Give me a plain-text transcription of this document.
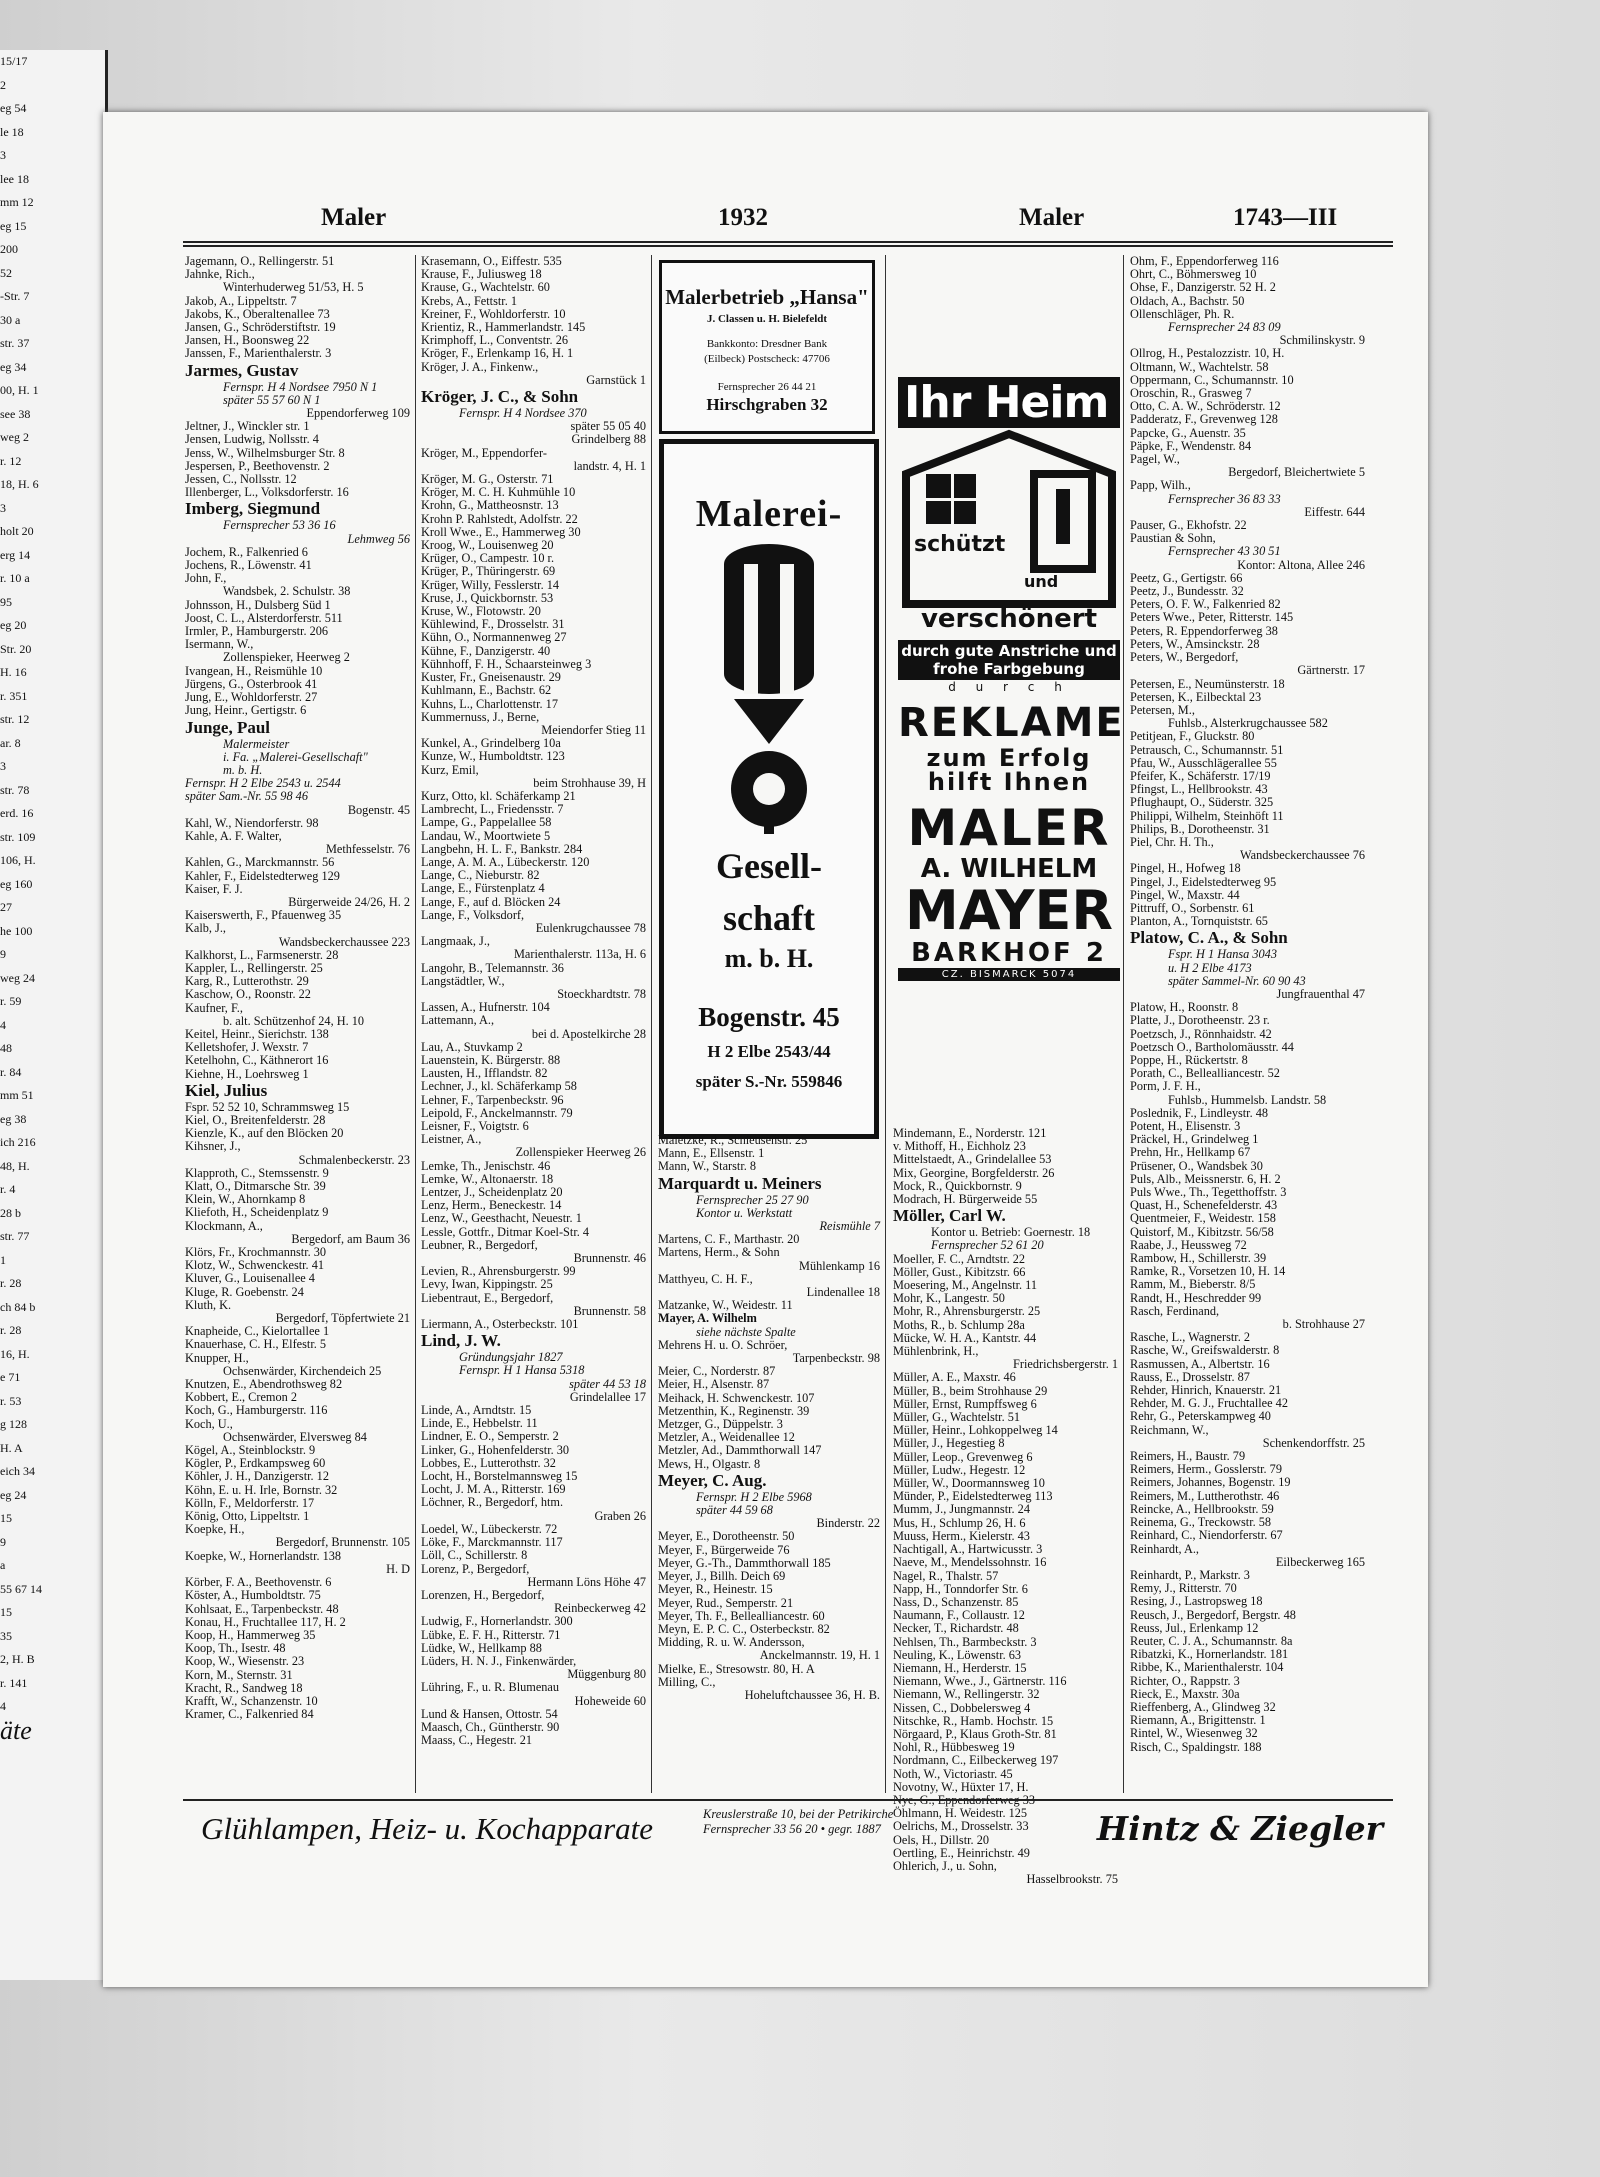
15/17
2
eg 54
le 18
3
lee 18
mm 12
eg 15
200
52
-Str. 7
30 a
str. 37
eg 34
00, H. 1
see 38
weg 2
r. 12
18, H. 6
3
holt 20
erg 14
r. 10 a
95
eg 20
Str. 20
H. 16
r. 351
str. 12
ar. 8
3
str. 78
erd. 16
str. 109
106, H.
eg 160
27
he 100
9
weg 24
r. 59
4
48
r. 84
mm 51
eg 38
ich 216
48, H.
r. 4
28 b
str. 77
1
r. 28
ch 84 b
r. 28
16, H.
e 71
r. 53
g 128
H. A
eich 34
eg 24
15
9
a
55 67 14
15
35
2, H. B
r. 141
4
äte
Maler	1932	Maler	1743—III
Jagemann, O., Rellingerstr. 51
Jahnke, Rich.,
Winterhuderweg 51/53, H. 5
Jakob, A., Lippeltstr. 7
Jakobs, K., Oberaltenallee 73
Jansen, G., Schröderstiftstr. 19
Jansen, H., Boonsweg 22
Janssen, F., Marienthalerstr. 3
Jarmes, Gustav
Fernspr. H 4 Nordsee 7950 N 1
später 55 57 60 N 1
Eppendorferweg 109
Jeltner, J., Winckler str. 1
Jensen, Ludwig, Nollsstr. 4
Jenss, W., Wilhelmsburger Str. 8
Jespersen, P., Beethovenstr. 2
Jessen, C., Nollsstr. 12
Illenberger, L., Volksdorferstr. 16
Imberg, Siegmund
Fernsprecher 53 36 16
Lehmweg 56
Jochem, R., Falkenried 6
Jochens, R., Löwenstr. 41
John, F.,
Wandsbek, 2. Schulstr. 38
Johnsson, H., Dulsberg Süd 1
Joost, C. L., Alsterdorferstr. 511
Irmler, P., Hamburgerstr. 206
Isermann, W.,
Zollenspieker, Heerweg 2
Ivangean, H., Reismühle 10
Jürgens, G., Osterbrook 41
Jung, E., Wohldorferstr. 27
Jung, Heinr., Gertigstr. 6
Junge, Paul
Malermeister
i. Fa. „Malerei-Gesellschaft"
m. b. H.
Fernspr. H 2 Elbe 2543 u. 2544
später Sam.-Nr. 55 98 46
Bogenstr. 45
Kahl, W., Niendorferstr. 98
Kahle, A. F. Walter,
Methfesselstr. 76
Kahlen, G., Marckmannstr. 56
Kahler, F., Eidelstedterweg 129
Kaiser, F. J.
Bürgerweide 24/26, H. 2
Kaiserswerth, F., Pfauenweg 35
Kalb, J.,
Wandsbeckerchaussee 223
Kalkhorst, L., Farmsenerstr. 28
Kappler, L., Rellingerstr. 25
Karg, R., Lutterothstr. 29
Kaschow, O., Roonstr. 22
Kaufner, F.,
b. alt. Schützenhof 24, H. 10
Keitel, Heinr., Sierichstr. 138
Kelletshofer, J. Wexstr. 7
Ketelhohn, C., Käthnerort 16
Kiehne, H., Loehrsweg 1
Kiel, Julius
Fspr. 52 52 10, Schrammsweg 15
Kiel, O., Breitenfelderstr. 28
Kienzle, K., auf den Blöcken 20
Kihsner, J.,
Schmalenbeckerstr. 23
Klapproth, C., Stemssenstr. 9
Klatt, O., Ditmarsche Str. 39
Klein, W., Ahornkamp 8
Kliefoth, H., Scheidenplatz 9
Klockmann, A.,
Bergedorf, am Baum 36
Klörs, Fr., Krochmannstr. 30
Klotz, W., Schwenckestr. 41
Kluver, G., Louisenallee 4
Kluge, R. Goebenstr. 24
Kluth, K.
Bergedorf, Töpfertwiete 21
Knapheide, C., Kielortallee 1
Knauerhase, C. H., Elfestr. 5
Knupper, H.,
Ochsenwärder, Kirchendeich 25
Knutzen, E., Abendrothsweg 82
Kobbert, E., Cremon 2
Koch, G., Hamburgerstr. 116
Koch, U.,
Ochsenwärder, Elversweg 84
Kögel, A., Steinblockstr. 9
Kögler, P., Erdkampsweg 60
Köhler, J. H., Danzigerstr. 12
Köhn, E. u. H. Irle, Bornstr. 32
Kölln, F., Meldorferstr. 17
König, Otto, Lippeltstr. 1
Koepke, H.,
Bergedorf, Brunnenstr. 105
Koepke, W., Hornerlandstr. 138
H. D
Körber, F. A., Beethovenstr. 6
Köster, A., Humboldtstr. 75
Kohlsaat, E., Tarpenbeckstr. 48
Konau, H., Fruchtallee 117, H. 2
Koop, H., Hammerweg 35
Koop, Th., Isestr. 48
Koop, W., Wiesenstr. 23
Korn, M., Sternstr. 31
Kracht, R., Sandweg 18
Krafft, W., Schanzenstr. 10
Kramer, C., Falkenried 84
Krasemann, O., Eiffestr. 535
Krause, F., Juliusweg 18
Krause, G., Wachtelstr. 60
Krebs, A., Fettstr. 1
Kreiner, F., Wohldorferstr. 10
Krientiz, R., Hammerlandstr. 145
Krimphoff, L., Conventstr. 26
Kröger, F., Erlenkamp 16, H. 1
Kröger, J. A., Finkenw.,
Garnstück 1
Kröger, J. C., & Sohn
Fernspr. H 4 Nordsee 370
später 55 05 40
Grindelberg 88
Kröger, M., Eppendorfer-
landstr. 4, H. 1
Kröger, M. G., Osterstr. 71
Kröger, M. C. H. Kuhmühle 10
Krohn, G., Mattheosnstr. 13
Krohn P. Rahlstedt, Adolfstr. 22
Kroll Wwe., E., Hammerweg 30
Kroog, W., Louisenweg 20
Krüger, O., Campestr. 10 r.
Krüger, P., Thüringerstr. 69
Krüger, Willy, Fesslerstr. 14
Kruse, J., Quickbornstr. 53
Kruse, W., Flotowstr. 20
Kühlewind, F., Drosselstr. 31
Kühn, O., Normannenweg 27
Kühne, F., Danzigerstr. 40
Kühnhoff, F. H., Schaarsteinweg 3
Kuster, Fr., Gneisenaustr. 29
Kuhlmann, E., Bachstr. 62
Kuhns, L., Charlottenstr. 17
Kummernuss, J., Berne,
Meiendorfer Stieg 11
Kunkel, A., Grindelberg 10a
Kunze, W., Humboldtstr. 123
Kurz, Emil,
beim Strohhause 39, H
Kurz, Otto, kl. Schäferkamp 21
Lambrecht, L., Friedensstr. 7
Lampe, G., Pappelallee 58
Landau, W., Moortwiete 5
Langbehn, H. L. F., Bankstr. 284
Lange, A. M. A., Lübeckerstr. 120
Lange, C., Nieburstr. 82
Lange, E., Fürstenplatz 4
Lange, F., auf d. Blöcken 24
Lange, F., Volksdorf,
Eulenkrugchaussee 78
Langmaak, J.,
Marienthalerstr. 113a, H. 6
Langohr, B., Telemannstr. 36
Langstädtler, W.,
Stoeckhardtstr. 78
Lassen, A., Hufnerstr. 104
Lattemann, A.,
bei d. Apostelkirche 28
Lau, A., Stuvkamp 2
Lauenstein, K. Bürgerstr. 88
Lausten, H., Ifflandstr. 82
Lechner, J., kl. Schäferkamp 58
Lehner, F., Tarpenbeckstr. 96
Leipold, F., Anckelmannstr. 79
Leisner, F., Voigtstr. 6
Leistner, A.,
Zollenspieker Heerweg 26
Lemke, Th., Jenischstr. 46
Lemke, W., Altonaerstr. 18
Lentzer, J., Scheidenplatz 20
Lenz, Herm., Beneckestr. 14
Lenz, W., Geesthacht, Neuestr. 1
Lessle, Gottfr., Ditmar Koel-Str. 4
Leubner, R., Bergedorf,
Brunnenstr. 46
Levien, R., Ahrensburgerstr. 99
Levy, Iwan, Kippingstr. 25
Liebentraut, E., Bergedorf,
Brunnenstr. 58
Liermann, A., Osterbeckstr. 101
Lind, J. W.
Gründungsjahr 1827
Fernspr. H 1 Hansa 5318
später 44 53 18
Grindelallee 17
Linde, A., Arndtstr. 15
Linde, E., Hebbelstr. 11
Lindner, E. O., Semperstr. 2
Linker, G., Hohenfelderstr. 30
Lobbes, E., Lutterothstr. 32
Locht, H., Borstelmannsweg 15
Locht, J. M. A., Ritterstr. 169
Löchner, R., Bergedorf, htm.
Graben 26
Loedel, W., Lübeckerstr. 72
Löke, F., Marckmannstr. 117
Löll, C., Schillerstr. 8
Lorenz, P., Bergedorf,
Hermann Löns Höhe 47
Lorenzen, H., Bergedorf,
Reinbeckerweg 42
Ludwig, F., Hornerlandstr. 300
Lübke, E. F. H., Ritterstr. 71
Lüdke, W., Hellkamp 88
Lüders, H. N. J., Finkenwärder,
Müggenburg 80
Lühring, F., u. R. Blumenau
Hoheweide 60
Lund & Hansen, Ottostr. 54
Maasch, Ch., Güntherstr. 90
Maass, C., Hegestr. 21
Malerbetrieb „Hansa"
J. Classen u. H. Bielefeldt
Bankkonto: Dresdner Bank
(Eilbeck) Postscheck: 47706
Fernsprecher 26 44 21
Hirschgraben 32
Malerei-
Gesell-
schaft
m. b. H.
Bogenstr. 45
H 2 Elbe 2543/44
später S.-Nr. 559846
Maletzke, R., Schleusenstr. 25
Mann, E., Ellsenstr. 1
Mann, W., Starstr. 8
Marquardt u. Meiners
Fernsprecher 25 27 90
Kontor u. Werkstatt
Reismühle 7
Martens, C. F., Marthastr. 20
Martens, Herm., & Sohn
Mühlenkamp 16
Matthyeu, C. H. F.,
Lindenallee 18
Matzanke, W., Weidestr. 11
Mayer, A. Wilhelm
siehe nächste Spalte
Mehrens H. u. O. Schröer,
Tarpenbeckstr. 98
Meier, C., Norderstr. 87
Meier, H., Alsenstr. 87
Meihack, H. Schwenckestr. 107
Metzenthin, K., Reginenstr. 39
Metzger, G., Düppelstr. 3
Metzler, A., Weidenallee 12
Metzler, Ad., Dammthorwall 147
Mews, H., Olgastr. 8
Meyer, C. Aug.
Fernspr. H 2 Elbe 5968
später 44 59 68
Binderstr. 22
Meyer, E., Dorotheenstr. 50
Meyer, F., Bürgerweide 76
Meyer, G.-Th., Dammthorwall 185
Meyer, J., Billh. Deich 69
Meyer, R., Heinestr. 15
Meyer, Rud., Semperstr. 21
Meyer, Th. F., Bellealliancestr. 60
Meyn, E. P. C. C., Osterbeckstr. 82
Midding, R. u. W. Andersson,
Anckelmannstr. 19, H. 1
Mielke, E., Stresowstr. 80, H. A
Milling, C.,
Hoheluftchaussee 36, H. B.
Ihr Heim
schützt
und
verschönert
durch gute Anstriche und frohe Farbgebung
d u r c h
REKLAME
zum Erfolg
hilft Ihnen
MALER
A. WILHELM
MAYER
BARKHOF 2
CZ. BISMARCK 5074
Mindemann, E., Norderstr. 121
v. Mithoff, H., Eichholz 23
Mittelstaedt, A., Grindelallee 53
Mix, Georgine, Borgfelderstr. 26
Mock, R., Quickbornstr. 9
Modrach, H. Bürgerweide 55
Möller, Carl W.
Kontor u. Betrieb: Goernestr. 18
Fernsprecher 52 61 20
Moeller, F. C., Arndtstr. 22
Möller, Gust., Kibitzstr. 66
Moesering, M., Angelnstr. 11
Mohr, K., Langestr. 50
Mohr, R., Ahrensburgerstr. 25
Moths, R., b. Schlump 28a
Mücke, W. H. A., Kantstr. 44
Mühlenbrink, H.,
Friedrichsbergerstr. 1
Müller, A. E., Maxstr. 46
Müller, B., beim Strohhause 29
Müller, Ernst, Rumpffsweg 6
Müller, G., Wachtelstr. 51
Müller, Heinr., Lohkoppelweg 14
Müller, J., Hegestieg 8
Müller, Leop., Grevenweg 6
Müller, Ludw., Hegestr. 12
Müller, W., Doormannsweg 10
Münder, P., Eidelstedterweg 113
Mumm, J., Jungmannstr. 24
Mus, H., Schlump 26, H. 6
Muuss, Herm., Kielerstr. 43
Nachtigall, A., Hartwicusstr. 3
Naeve, M., Mendelssohnstr. 16
Nagel, R., Thalstr. 57
Napp, H., Tonndorfer Str. 6
Nass, D., Schanzenstr. 85
Naumann, F., Collaustr. 12
Necker, T., Richardstr. 48
Nehlsen, Th., Barmbeckstr. 3
Neuling, K., Löwenstr. 63
Niemann, H., Herderstr. 15
Niemann, Wwe., J., Gärtnerstr. 116
Niemann, W., Rellingerstr. 32
Nissen, C., Dobbelersweg 4
Nitschke, R., Hamb. Hochstr. 15
Nörgaard, P., Klaus Groth-Str. 81
Nohl, R., Hübbesweg 19
Nordmann, C., Eilbeckerweg 197
Noth, W., Victoriastr. 45
Novotny, W., Hüxter 17, H.
Nye, G., Eppendorferweg 33
Öhlmann, H. Weidestr. 125
Oelrichs, M., Drosselstr. 33
Oels, H., Dillstr. 20
Oertling, E., Heinrichstr. 49
Ohlerich, J., u. Sohn,
Hasselbrookstr. 75
Ohm, F., Eppendorferweg 116
Ohrt, C., Böhmersweg 10
Ohse, F., Danzigerstr. 52 H. 2
Oldach, A., Bachstr. 50
Ollenschläger, Ph. R.
Fernsprecher 24 83 09
Schmilinskystr. 9
Ollrog, H., Pestalozzistr. 10, H.
Oltmann, W., Wachtelstr. 58
Oppermann, C., Schumannstr. 10
Oroschin, R., Grasweg 7
Otto, C. A. W., Schröderstr. 12
Padderatz, F., Grevenweg 128
Papcke, G., Auenstr. 35
Päpke, F., Wendenstr. 84
Pagel, W.,
Bergedorf, Bleichertwiete 5
Papp, Wilh.,
Fernsprecher 36 83 33
Eiffestr. 644
Pauser, G., Ekhofstr. 22
Paustian & Sohn,
Fernsprecher 43 30 51
Kontor: Altona, Allee 246
Peetz, G., Gertigstr. 66
Peetz, J., Bundesstr. 32
Peters, O. F. W., Falkenried 82
Peters Wwe., Peter, Ritterstr. 145
Peters, R. Eppendorferweg 38
Peters, W., Amsinckstr. 28
Peters, W., Bergedorf,
Gärtnerstr. 17
Petersen, E., Neumünsterstr. 18
Petersen, K., Eilbecktal 23
Petersen, M.,
Fuhlsb., Alsterkrugchaussee 582
Petitjean, F., Gluckstr. 80
Petrausch, C., Schumannstr. 51
Pfau, W., Ausschlägerallee 55
Pfeifer, K., Schäferstr. 17/19
Pfingst, L., Hellbrookstr. 43
Pflughaupt, O., Süderstr. 325
Philippi, Wilhelm, Steinhöft 11
Philips, B., Dorotheenstr. 31
Piel, Chr. H. Th.,
Wandsbeckerchaussee 76
Pingel, H., Hofweg 18
Pingel, J., Eidelstedterweg 95
Pingel, W., Maxstr. 44
Pittruff, O., Sorbenstr. 61
Planton, A., Tornquiststr. 65
Platow, C. A., & Sohn
Fspr. H 1 Hansa 3043
u. H 2 Elbe 4173
später Sammel-Nr. 60 90 43
Jungfrauenthal 47
Platow, H., Roonstr. 8
Platte, J., Dorotheenstr. 23 r.
Poetzsch, J., Rönnhaidstr. 42
Poetzsch O., Bartholomäusstr. 44
Poppe, H., Rückertstr. 8
Porath, C., Bellealliancestr. 52
Porm, J. F. H.,
Fuhlsb., Hummelsb. Landstr. 58
Poslednik, F., Lindleystr. 48
Potent, H., Elisenstr. 3
Präckel, H., Grindelweg 1
Prehn, Hr., Hellkamp 67
Prüsener, O., Wandsbek 30
Puls, Alb., Meissnerstr. 6, H. 2
Puls Wwe., Th., Tegetthoffstr. 3
Quast, H., Schenefelderstr. 43
Quentmeier, F., Weidestr. 158
Quistorf, M., Kibitzstr. 56/58
Raabe, J., Heussweg 72
Rambow, H., Schillerstr. 39
Ramke, R., Vorsetzen 10, H. 14
Ramm, M., Bieberstr. 8/5
Randt, H., Heschredder 99
Rasch, Ferdinand,
b. Strohhause 27
Rasche, L., Wagnerstr. 2
Rasche, W., Greifswalderstr. 8
Rasmussen, A., Albertstr. 16
Rauss, E., Drosselstr. 87
Rehder, Hinrich, Knauerstr. 21
Rehder, M. G. J., Fruchtallee 42
Rehr, G., Peterskampweg 40
Reichmann, W.,
Schenkendorffstr. 25
Reimers, H., Baustr. 79
Reimers, Herm., Gosslerstr. 79
Reimers, Johannes, Bogenstr. 19
Reimers, M., Luttherothstr. 46
Reincke, A., Hellbrookstr. 59
Reinema, G., Treckowstr. 58
Reinhard, C., Niendorferstr. 67
Reinhardt, A.,
Eilbeckerweg 165
Reinhardt, P., Markstr. 3
Remy, J., Ritterstr. 70
Resing, J., Lastropsweg 18
Reusch, J., Bergedorf, Bergstr. 48
Reuss, Jul., Erlenkamp 12
Reuter, C. J. A., Schumannstr. 8a
Ribatzki, K., Hornerlandstr. 181
Ribbe, K., Marienthalerstr. 104
Richter, O., Rappstr. 3
Rieck, E., Maxstr. 30a
Rieffenberg, A., Glindweg 32
Riemann, A., Brigittenstr. 1
Rintel, W., Wiesenweg 32
Risch, C., Spaldingstr. 188
Glühlampen, Heiz- u. Kochapparate	Kreuslerstraße 10, bei der Petrikirche
Fernsprecher 33 56 20 • gegr. 1887	Hintz & Ziegler
